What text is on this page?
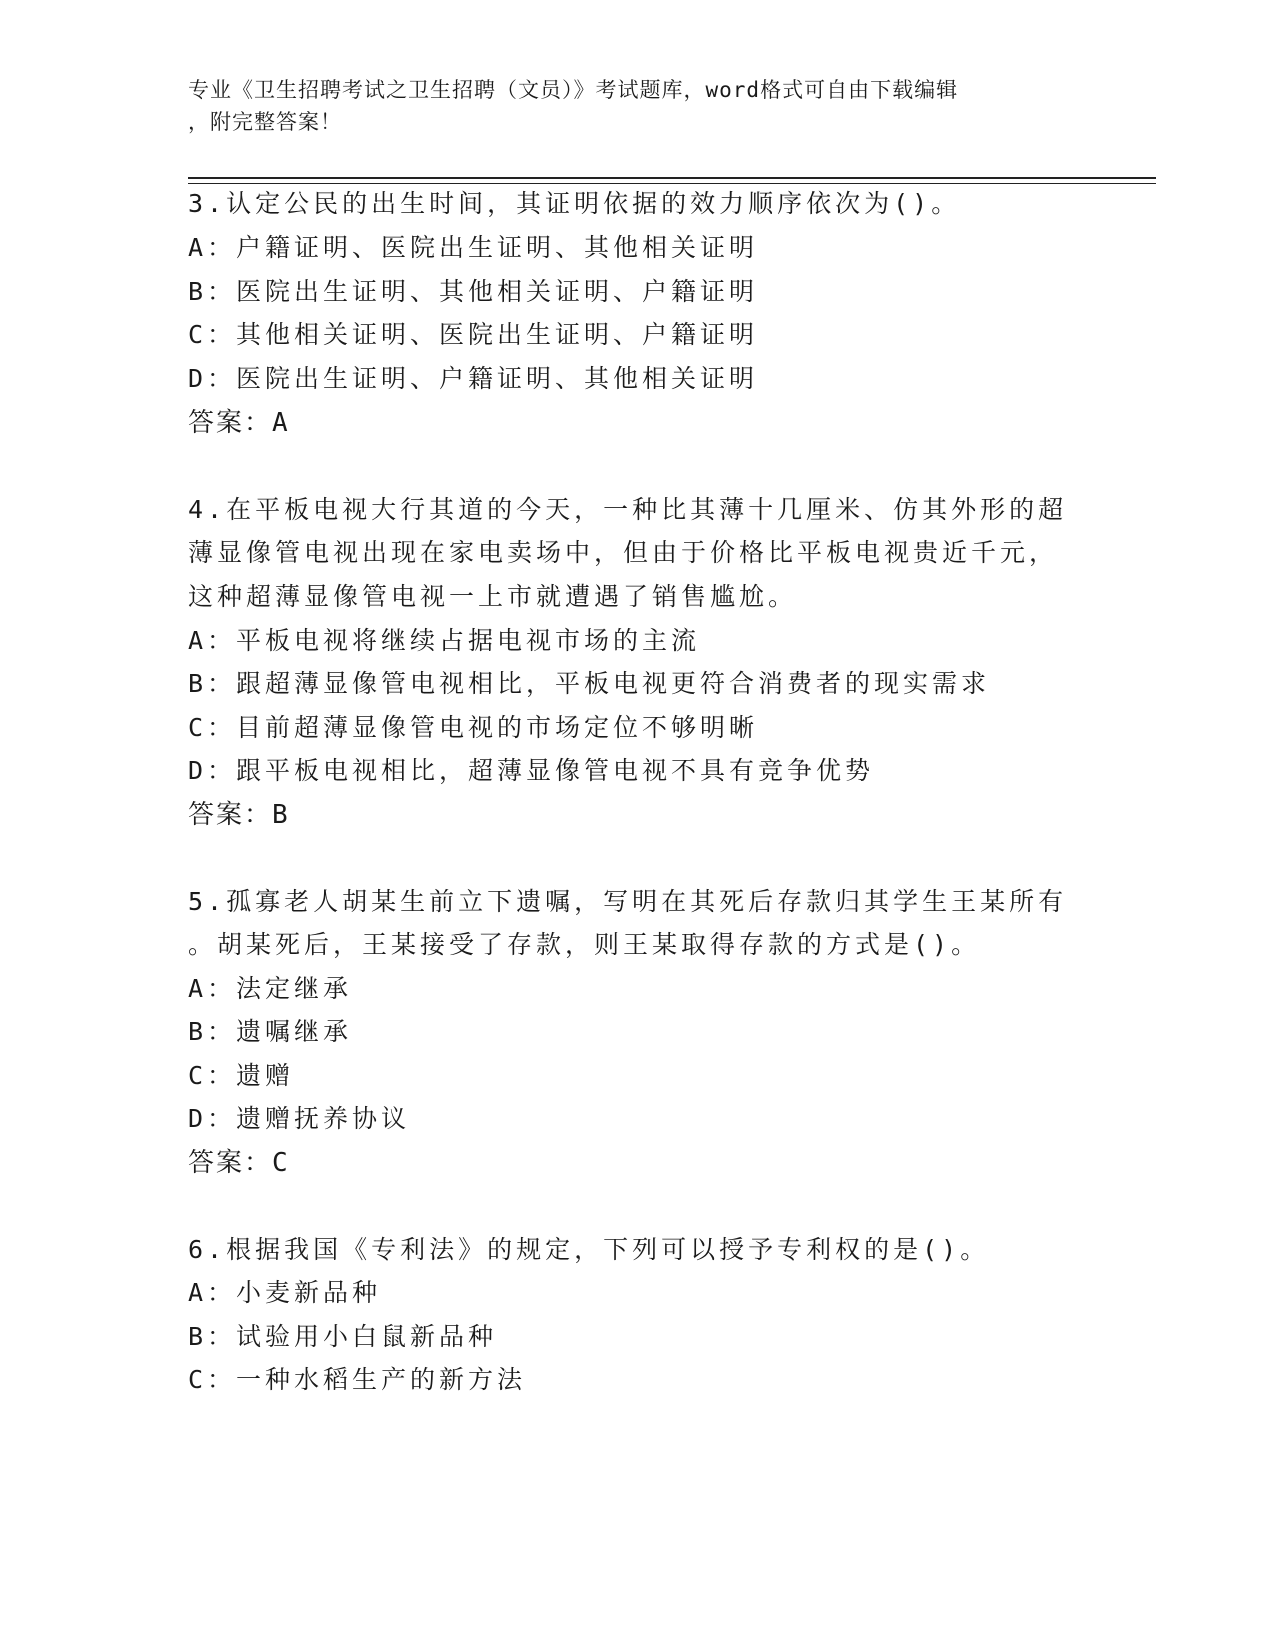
专业《卫生招聘考试之卫生招聘（文员）》考试题库，word格式可自由下载编辑
，附完整答案！
3.认定公民的出生时间，其证明依据的效力顺序依次为()。
A：户籍证明、医院出生证明、其他相关证明
B：医院出生证明、其他相关证明、户籍证明
C：其他相关证明、医院出生证明、户籍证明
D：医院出生证明、户籍证明、其他相关证明
答案：A
4.在平板电视大行其道的今天，一种比其薄十几厘米、仿其外形的超
薄显像管电视出现在家电卖场中，但由于价格比平板电视贵近千元，
这种超薄显像管电视一上市就遭遇了销售尴尬。
A：平板电视将继续占据电视市场的主流
B：跟超薄显像管电视相比，平板电视更符合消费者的现实需求
C：目前超薄显像管电视的市场定位不够明晰
D：跟平板电视相比，超薄显像管电视不具有竞争优势
答案：B
5.孤寡老人胡某生前立下遗嘱，写明在其死后存款归其学生王某所有
。胡某死后，王某接受了存款，则王某取得存款的方式是()。
A：法定继承
B：遗嘱继承
C：遗赠
D：遗赠抚养协议
答案：C
6.根据我国《专利法》的规定，下列可以授予专利权的是()。
A：小麦新品种
B：试验用小白鼠新品种
C：一种水稻生产的新方法
